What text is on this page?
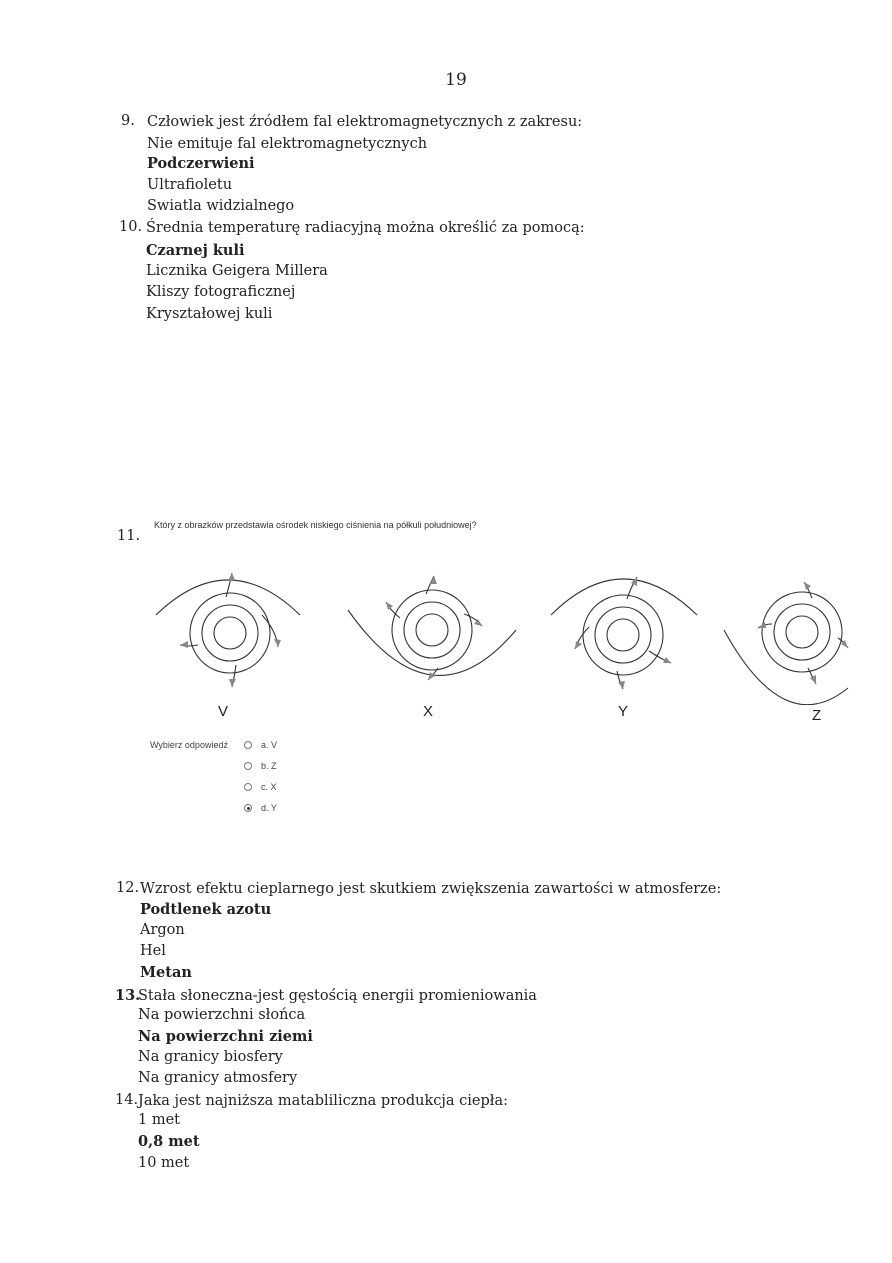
19
9. Człowiek jest źródłem fal elektromagnetycznych z zakresu:
Nie emituje fal elektromagnetycznych
Podczerwieni
Ultrafioletu
Swiatla widzialnego
10. Średnia temperaturę radiacyjną można określić za pomocą:
Czarnej kuli
Licznika Geigera Millera
Kliszy fotograficznej
Kryształowej kuli
11.
Który z obrazków przedstawia ośrodek niskiego ciśnienia na półkuli południowej?
V	X	Y	Z
Wybierz odpowiedź	a. V
b. Z
c. X
d. Y
12. Wzrost efektu cieplarnego jest skutkiem zwiększenia zawartości w atmosferze:
Podtlenek azotu
Argon
Hel
Metan
13.
Stała słoneczna-jest gęstością energii promieniowania
Na powierzchni słońca
Na powierzchni ziemi
Na granicy biosfery
Na granicy atmosfery
14. Jaka jest najniższa matabliliczna produkcja ciepła:
1 met
0,8 met
10 met
